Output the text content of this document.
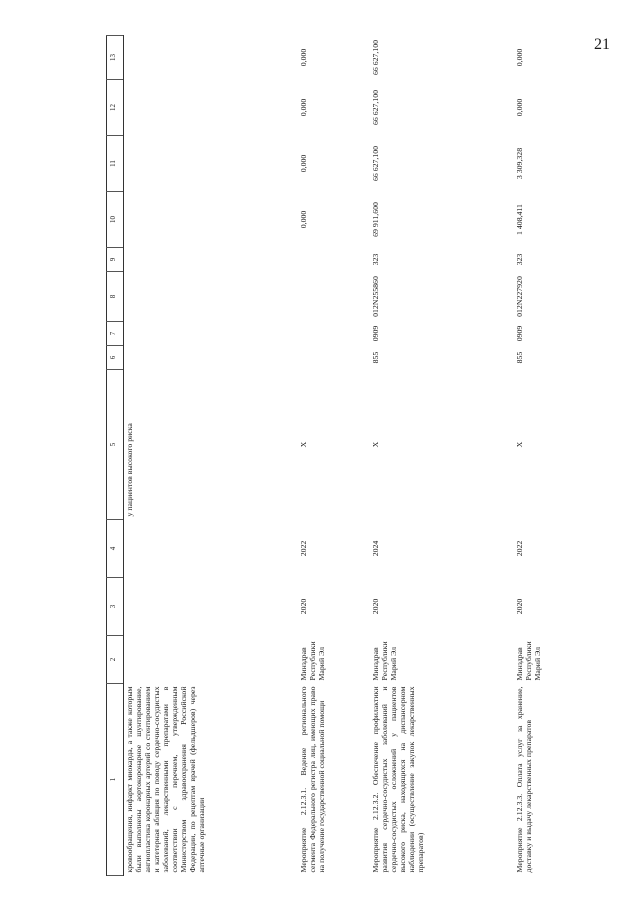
21
1	2	3	4	5	6	7	8	9	10	11	12	13
кровообращения, инфаркт миокарда, а также которым были выполнены аортокоронарное шунтирование, ангиопластика коронарных артерий со стентированием и катетерная абляция по поводу сердечно-сосудистых заболеваний, лекарственными препаратами в соответствии с перечнем, утвержденным Министерством здравоохранения Российской Федерации, по рецептам врачей (фельдшеров) через аптечные организации				у пациентов высокого риска								
Мероприятие 2.12.3.1. Ведение регионального сегмента Федерального регистра лиц, имеющих право на получение государственной социальной помощи	Минздрав Республики Марий Эл	2020	2022	X					0,000	0,000	0,000	0,000
Мероприятие 2.12.3.2. Обеспечение профилактики развития сердечно-сосудистых заболеваний и сердечно-сосудистых осложнений у пациентов высокого риска, находящихся на диспансерном наблюдении (осуществление закупок лекарственных препаратов)	Минздрав Республики Марий Эл	2020	2024	X	855	0909	012N255860	323	69 911,600	66 627,100	66 627,100	66 627,100
Мероприятие 2.12.3.3. Оплата услуг за хранение, доставку и выдачу лекарственных препаратов	Минздрав Республики Марий Эл	2020	2022	X	855	0909	012N227920	323	1 408,411	3 309,328	0,000	0,000
